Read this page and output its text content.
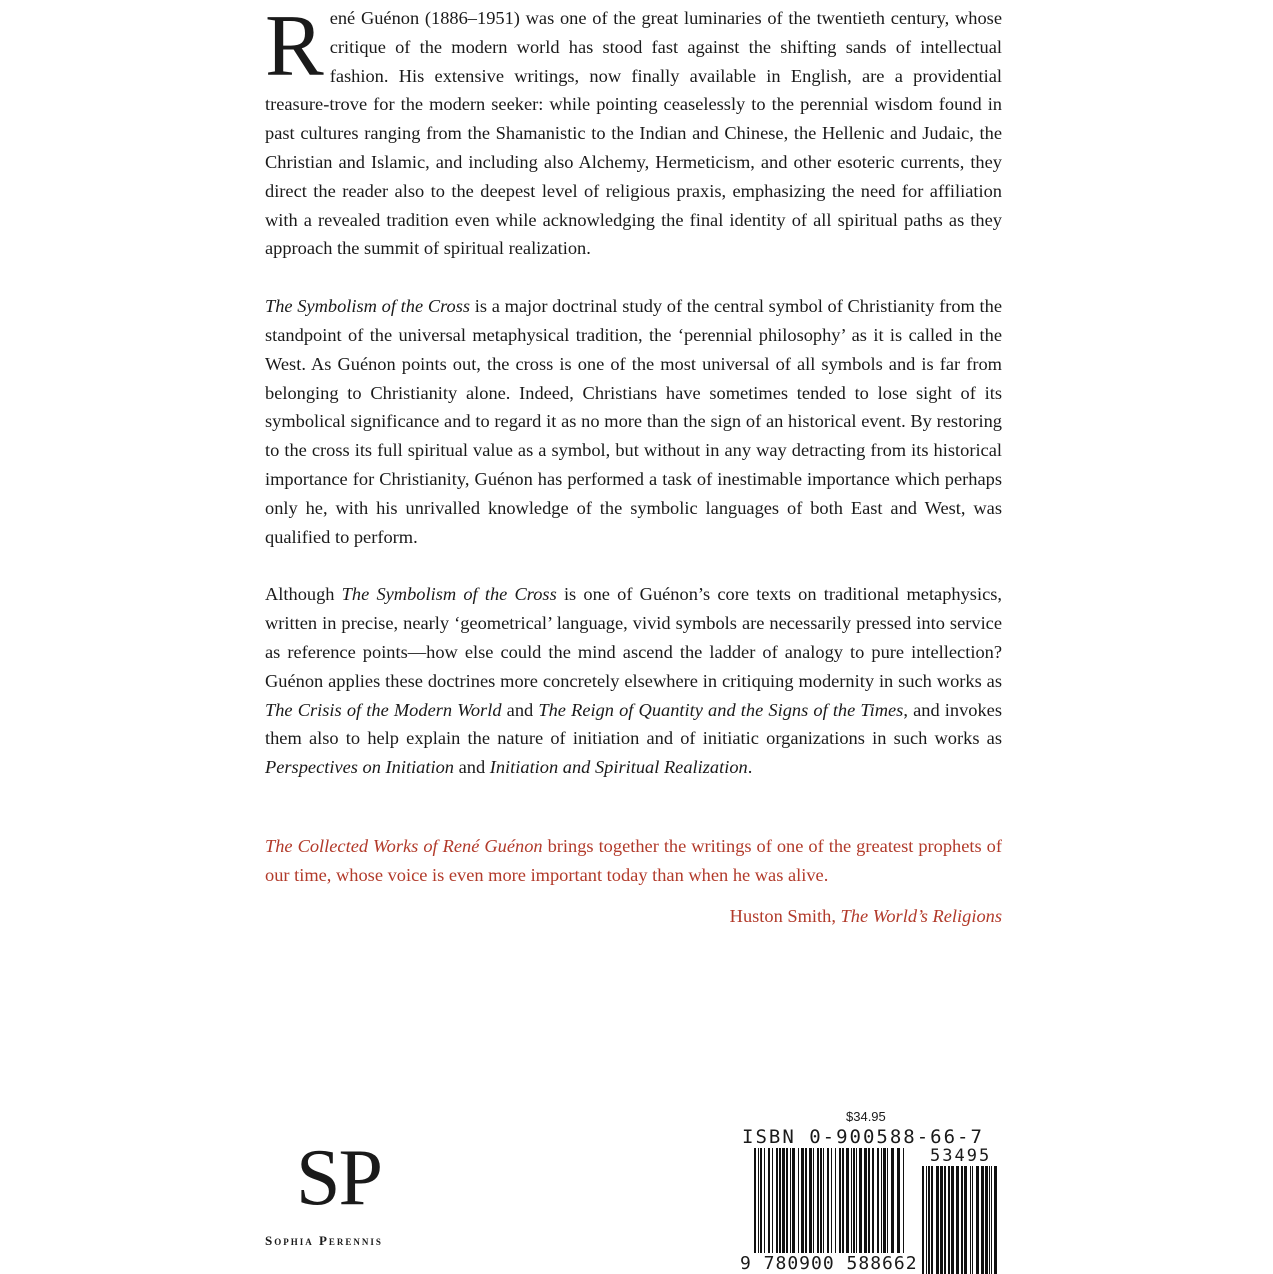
R ené Guénon (1886–1951) was one of the great luminaries of the twentieth century, whose critique of the modern world has stood fast against the shifting sands of intellectual fashion. His extensive writings, now finally available in English, are a providential treasure-trove for the modern seeker: while pointing ceaselessly to the perennial wisdom found in past cultures ranging from the Shamanistic to the Indian and Chinese, the Hellenic and Judaic, the Christian and Islamic, and including also Alchemy, Hermeticism, and other esoteric currents, they direct the reader also to the deepest level of religious praxis, emphasizing the need for affiliation with a revealed tradition even while acknowledging the final identity of all spiritual paths as they approach the summit of spiritual realization.

The Symbolism of the Cross is a major doctrinal study of the central symbol of Christianity from the standpoint of the universal metaphysical tradition, the ‘perennial philosophy’ as it is called in the West. As Guénon points out, the cross is one of the most universal of all symbols and is far from belonging to Christianity alone. Indeed, Christians have sometimes tended to lose sight of its symbolical significance and to regard it as no more than the sign of an historical event. By restoring to the cross its full spiritual value as a symbol, but without in any way detracting from its historical importance for Christianity, Guénon has performed a task of inestimable importance which perhaps only he, with his unrivalled knowledge of the symbolic languages of both East and West, was qualified to perform.

Although The Symbolism of the Cross is one of Guénon’s core texts on traditional metaphysics, written in precise, nearly ‘geometrical’ language, vivid symbols are necessarily pressed into service as reference points—how else could the mind ascend the ladder of analogy to pure intellection? Guénon applies these doctrines more concretely elsewhere in critiquing modernity in such works as The Crisis of the Modern World and The Reign of Quantity and the Signs of the Times, and invokes them also to help explain the nature of initiation and of initiatic organizations in such works as Perspectives on Initiation and Initiation and Spiritual Realization.

The Collected Works of René Guénon brings together the writings of one of the greatest prophets of our time, whose voice is even more important today than when he was alive.
Huston Smith, The World’s Religions
SP
Sophia Perennis
$34.95
ISBN 0-900588-66-7
53495
9 780900 588662
